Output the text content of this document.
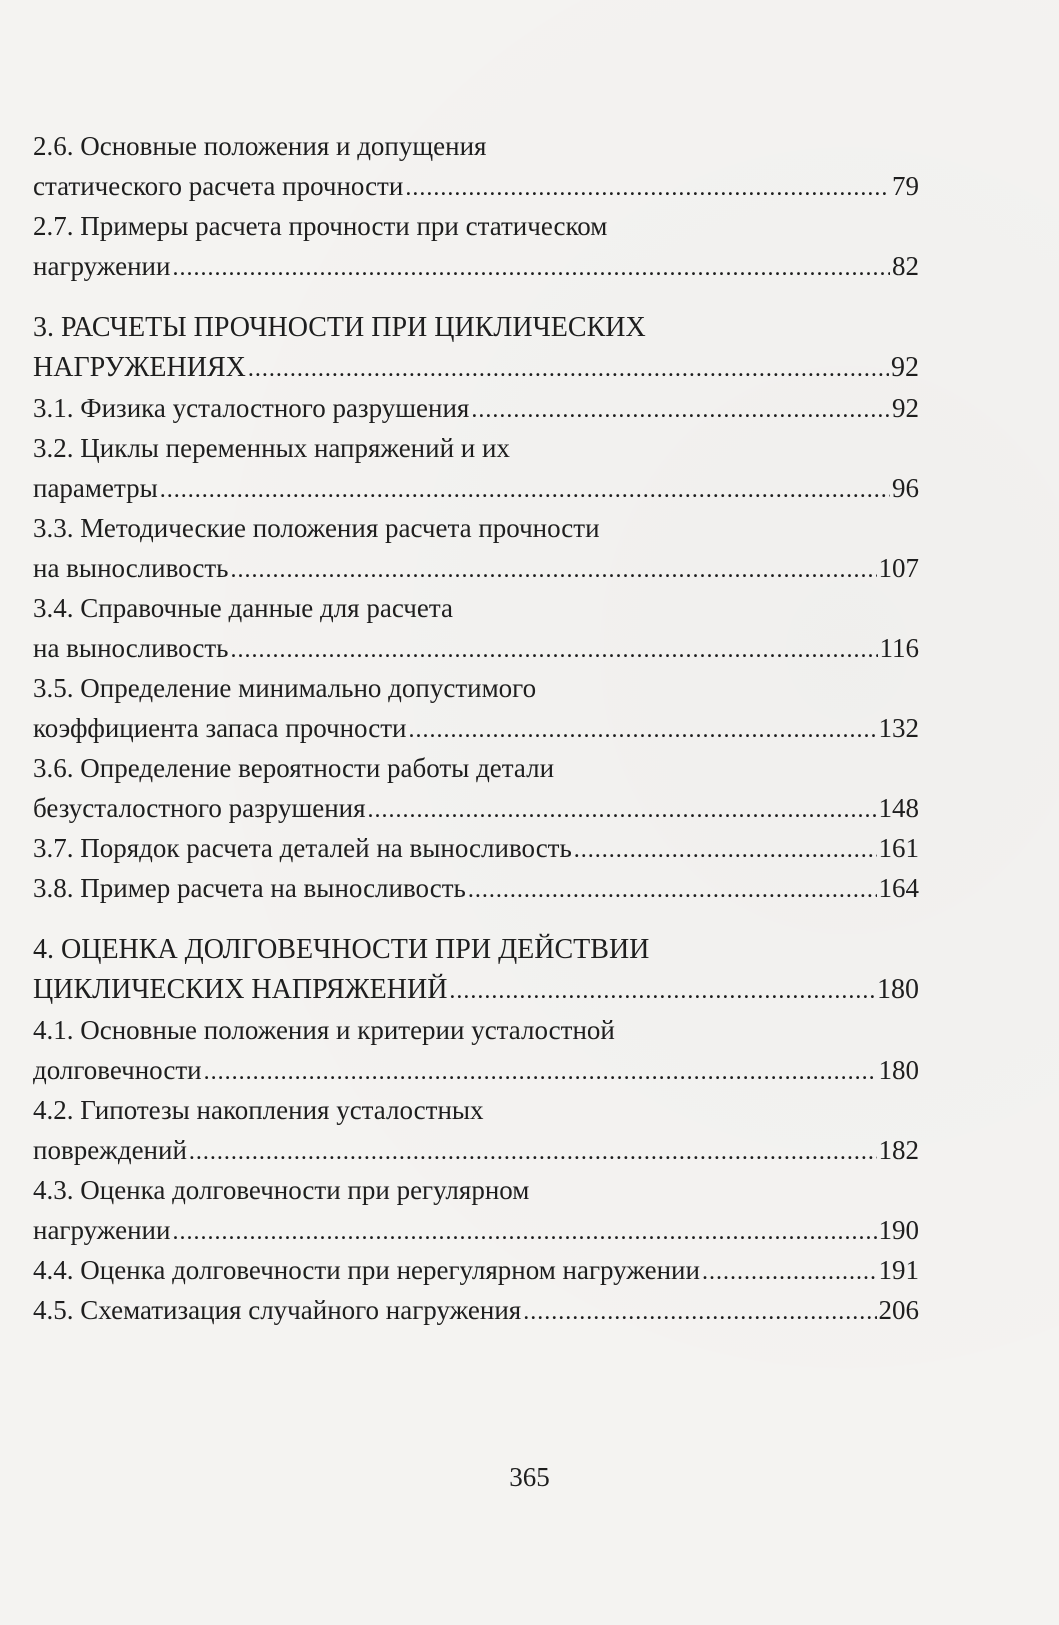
2.6. Основные положения и допущения
статического расчета прочности .....	79
2.7. Примеры расчета прочности при статическом
нагружении .....	82
3. РАСЧЕТЫ ПРОЧНОСТИ ПРИ ЦИКЛИЧЕСКИХ
НАГРУЖЕНИЯХ .....	92
3.1. Физика усталостного разрушения .....	92
3.2. Циклы переменных напряжений и их
параметры .....	96
3.3. Методические положения расчета прочности
на выносливость .....	107
3.4. Справочные данные для расчета
на выносливость .....	116
3.5. Определение минимально допустимого
коэффициента запаса прочности .....	132
3.6. Определение вероятности работы детали
безусталостного разрушения .....	148
3.7. Порядок расчета деталей на выносливость .....	161
3.8. Пример расчета на выносливость .....	164
4. ОЦЕНКА ДОЛГОВЕЧНОСТИ ПРИ ДЕЙСТВИИ
ЦИКЛИЧЕСКИХ НАПРЯЖЕНИЙ .....	180
4.1. Основные положения и критерии усталостной
долговечности .....	180
4.2. Гипотезы накопления усталостных
повреждений .....	182
4.3. Оценка долговечности при регулярном
нагружении .....	190
4.4. Оценка долговечности при нерегулярном нагружении .....	191
4.5. Схематизация случайного нагружения .....	206
365
